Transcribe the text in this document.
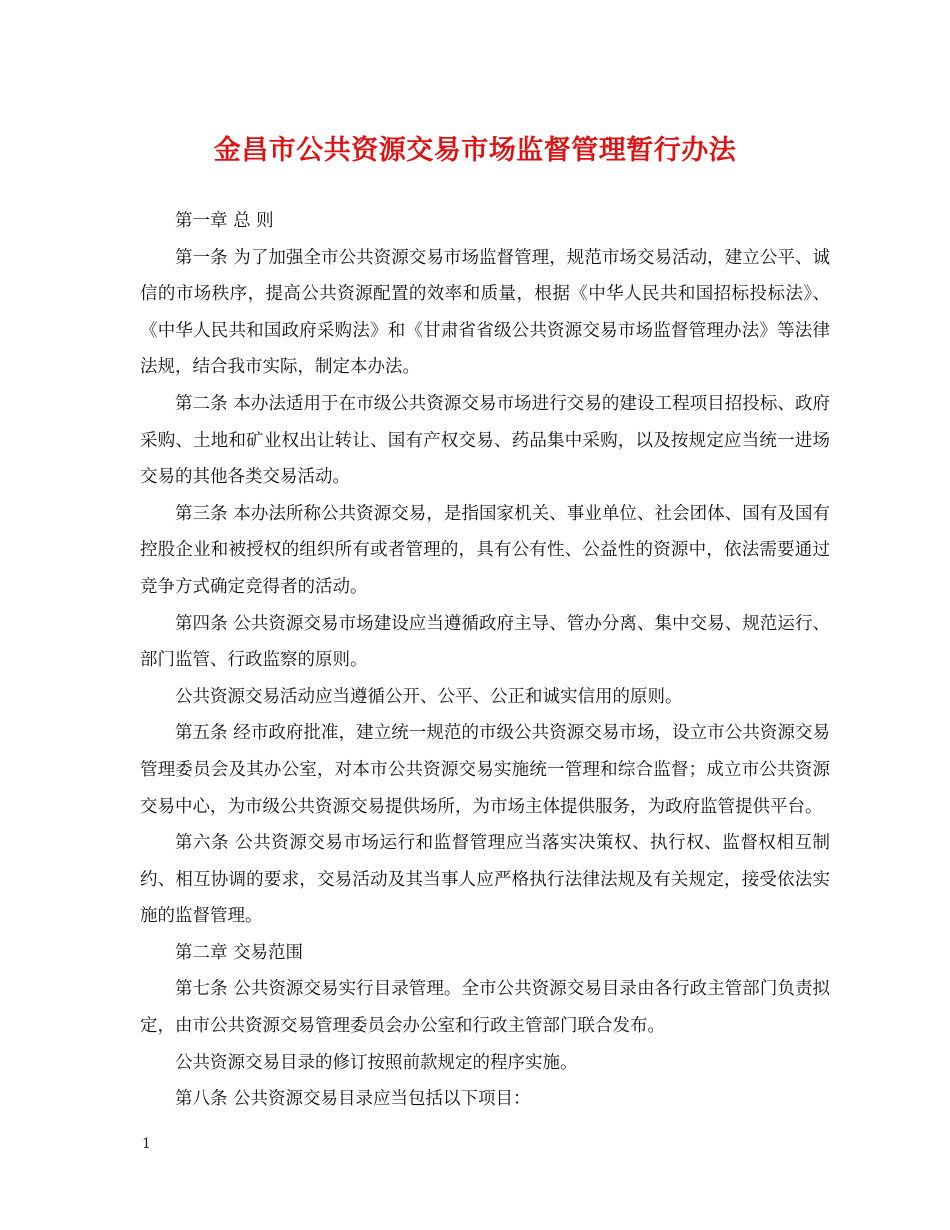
金昌市公共资源交易市场监督管理暂行办法

第一章 总 则

第一条 为了加强全市公共资源交易市场监督管理，规范市场交易活动，建立公平、诚信的市场秩序，提高公共资源配置的效率和质量，根据《中华人民共和国招标投标法》、《中华人民共和国政府采购法》和《甘肃省省级公共资源交易市场监督管理办法》等法律法规，结合我市实际，制定本办法。

第二条 本办法适用于在市级公共资源交易市场进行交易的建设工程项目招投标、政府采购、土地和矿业权出让转让、国有产权交易、药品集中采购，以及按规定应当统一进场交易的其他各类交易活动。

第三条 本办法所称公共资源交易，是指国家机关、事业单位、社会团体、国有及国有控股企业和被授权的组织所有或者管理的，具有公有性、公益性的资源中，依法需要通过竞争方式确定竞得者的活动。

第四条 公共资源交易市场建设应当遵循政府主导、管办分离、集中交易、规范运行、部门监管、行政监察的原则。

公共资源交易活动应当遵循公开、公平、公正和诚实信用的原则。

第五条 经市政府批准，建立统一规范的市级公共资源交易市场，设立市公共资源交易管理委员会及其办公室，对本市公共资源交易实施统一管理和综合监督；成立市公共资源交易中心，为市级公共资源交易提供场所，为市场主体提供服务，为政府监管提供平台。

第六条 公共资源交易市场运行和监督管理应当落实决策权、执行权、监督权相互制约、相互协调的要求，交易活动及其当事人应严格执行法律法规及有关规定，接受依法实施的监督管理。

第二章 交易范围

第七条 公共资源交易实行目录管理。全市公共资源交易目录由各行政主管部门负责拟定，由市公共资源交易管理委员会办公室和行政主管部门联合发布。

公共资源交易目录的修订按照前款规定的程序实施。

第八条 公共资源交易目录应当包括以下项目：

1
